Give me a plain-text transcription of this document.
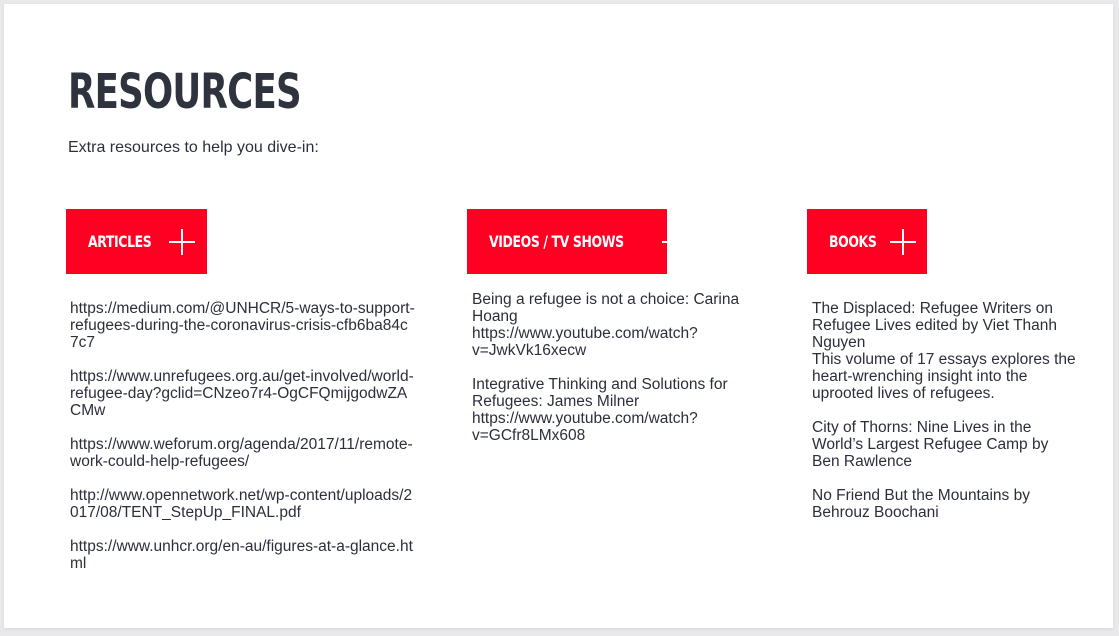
RESOURCES

Extra resources to help you dive-in:

ARTICLES
https://medium.com/@UNHCR/5-ways-to-support-refugees-during-the-coronavirus-crisis-cfb6ba84c7c7
https://www.unrefugees.org.au/get-involved/world-refugee-day?gclid=CNzeo7r4-OgCFQmijgodwZACMw
https://www.weforum.org/agenda/2017/11/remote-work-could-help-refugees/
http://www.opennetwork.net/wp-content/uploads/2017/08/TENT_StepUp_FINAL.pdf
https://www.unhcr.org/en-au/figures-at-a-glance.html
VIDEOS / TV SHOWS
Being a refugee is not a choice: Carina Hoang
https://www.youtube.com/watch?v=JwkVk16xecw
Integrative Thinking and Solutions for Refugees: James Milner
https://www.youtube.com/watch?v=GCfr8LMx608
BOOKS
The Displaced: Refugee Writers on Refugee Lives edited by Viet Thanh Nguyen
This volume of 17 essays explores the heart-wrenching insight into the uprooted lives of refugees.
City of Thorns: Nine Lives in the World’s Largest Refugee Camp by Ben Rawlence
No Friend But the Mountains by Behrouz Boochani
